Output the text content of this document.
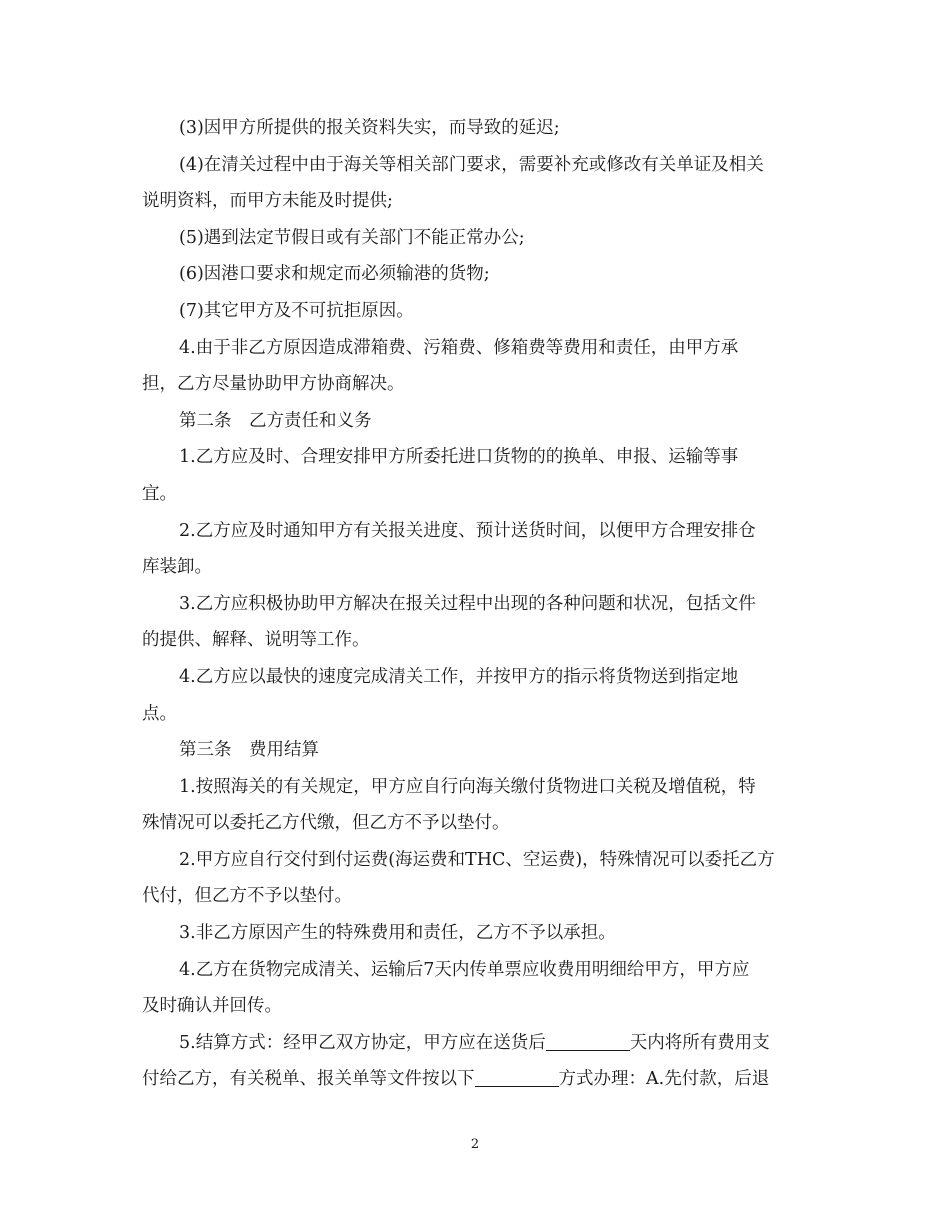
(3)因甲方所提供的报关资料失实，而导致的延迟;
(4)在清关过程中由于海关等相关部门要求，需要补充或修改有关单证及相关
说明资料，而甲方未能及时提供;
(5)遇到法定节假日或有关部门不能正常办公;
(6)因港口要求和规定而必须输港的货物;
(7)其它甲方及不可抗拒原因。
4.由于非乙方原因造成滞箱费、污箱费、修箱费等费用和责任，由甲方承
担，乙方尽量协助甲方协商解决。
第二条　乙方责任和义务
1.乙方应及时、合理安排甲方所委托进口货物的的换单、申报、运输等事
宜。
2.乙方应及时通知甲方有关报关进度、预计送货时间，以便甲方合理安排仓
库装卸。
3.乙方应积极协助甲方解决在报关过程中出现的各种问题和状况，包括文件
的提供、解释、说明等工作。
4.乙方应以最快的速度完成清关工作，并按甲方的指示将货物送到指定地
点。
第三条　费用结算
1.按照海关的有关规定，甲方应自行向海关缴付货物进口关税及增值税，特
殊情况可以委托乙方代缴，但乙方不予以垫付。
2.甲方应自行交付到付运费(海运费和THC、空运费)，特殊情况可以委托乙方
代付，但乙方不予以垫付。
3.非乙方原因产生的特殊费用和责任，乙方不予以承担。
4.乙方在货物完成清关、运输后7天内传单票应收费用明细给甲方，甲方应
及时确认并回传。
5.结算方式：经甲乙双方协定，甲方应在送货后	天内将所有费用支
付给乙方，有关税单、报关单等文件按以下	方式办理：A.先付款，后退
2
